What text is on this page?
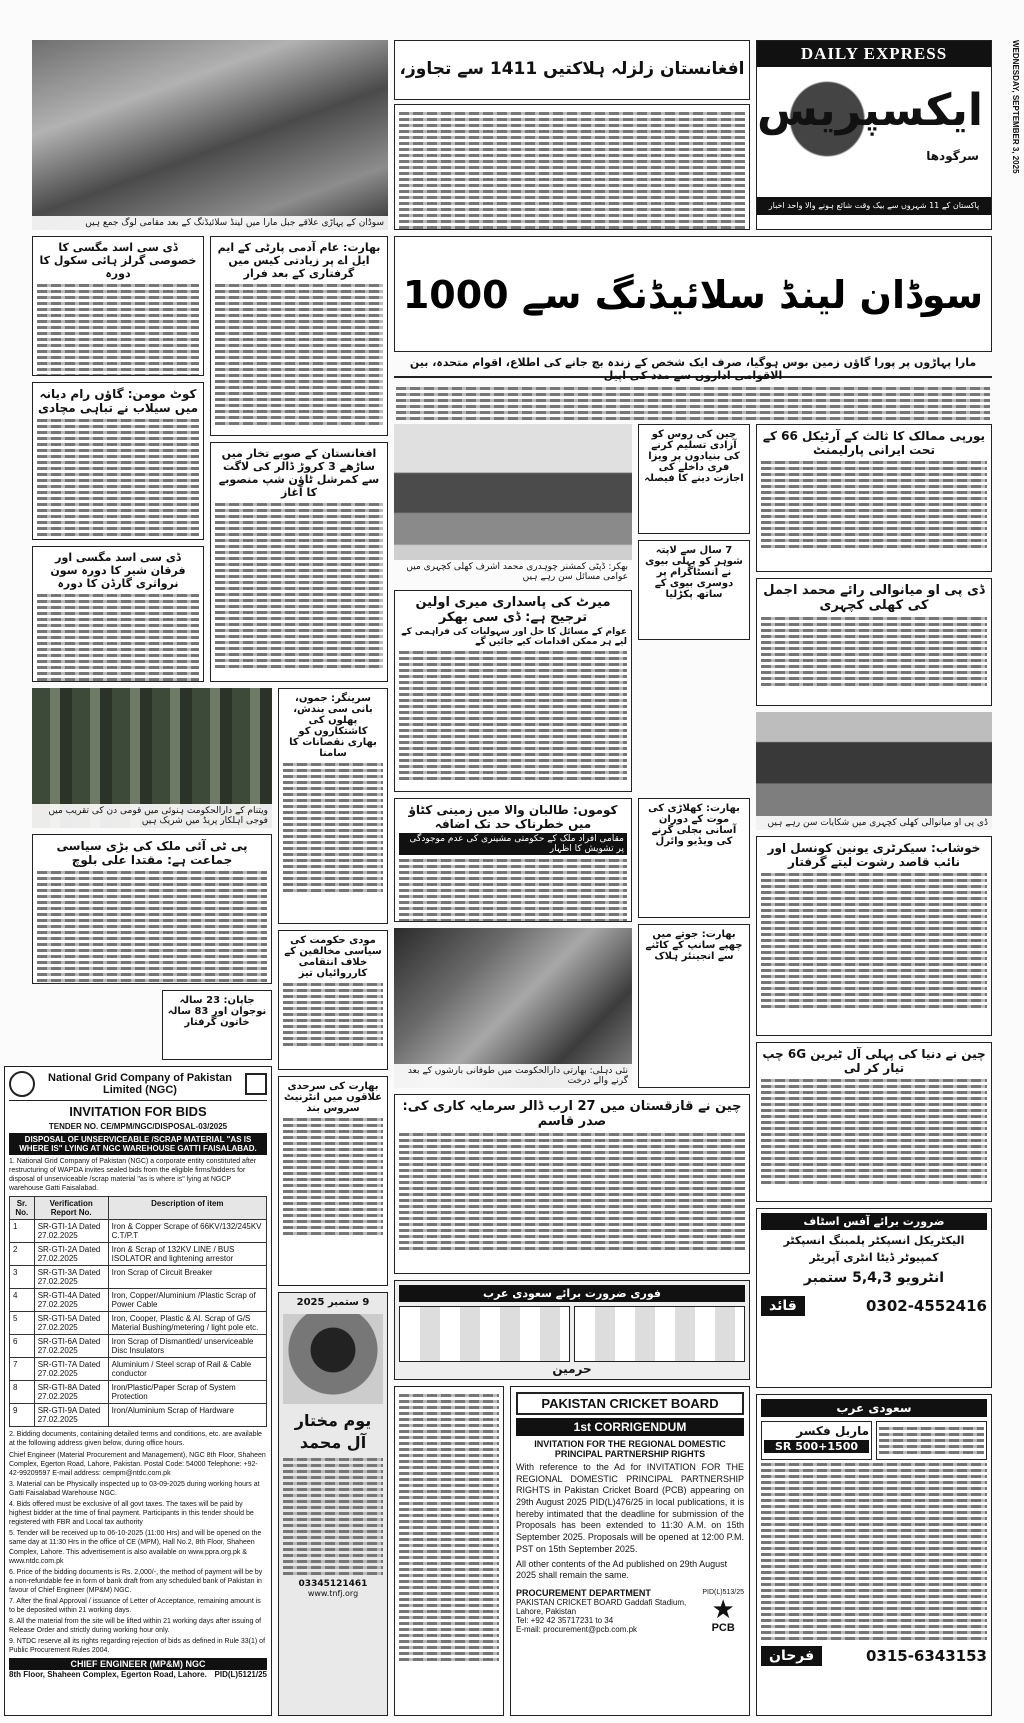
سوڈان کے پہاڑی علاقے جبل مارا میں لینڈ سلائیڈنگ کے بعد مقامی لوگ جمع ہیں
ڈی سی اسد مگسی کا خصوصی گرلز ہائی سکول کا دورہ
کوٹ مومن: گاؤں رام دیانہ میں سیلاب نے تباہی مچادی
ڈی سی اسد مگسی اور فرقان شیر کا دورہ سون نرواثری گارڈن کا دورہ
ویتنام کے دارالحکومت ہنوئی میں قومی دن کی تقریب میں فوجی اہلکار پریڈ میں شریک ہیں
پی ٹی آئی ملک کی بڑی سیاسی جماعت ہے: مقتدا علی بلوچ
جاپان: 23 سالہ نوجوان اور 83 سالہ خاتون گرفتار
بھارت: عام آدمی پارٹی کے ایم ایل اے پر زیادتی کیس میں گرفتاری کے بعد فرار
افغانستان کے صوبے تخار میں ساڑھے 3 کروڑ ڈالر کی لاگت سے کمرشل ٹاؤن شپ منصوبے کا آغاز
سرینگر: جموں، بانی سی بندش، پھلوں کی کاشتکاروں کو بھاری نقصانات کا سامنا
مودی حکومت کی سیاسی مخالفین کے خلاف انتقامی کارروائیاں تیز
بھارت کی سرحدی علاقوں میں انٹرنیٹ سروس بند
National Grid Company of Pakistan Limited (NGC)
INVITATION FOR BIDS
TENDER NO. CE/MPM/NGC/DISPOSAL-03/2025
DISPOSAL OF UNSERVICEABLE /SCRAP MATERIAL "AS IS WHERE IS" LYING AT NGC WAREHOUSE GATTI FAISALABAD.
1. National Grid Company of Pakistan (NGC) a corporate entity constituted after restructuring of WAPDA invites sealed bids from the eligible firms/bidders for disposal of unserviceable /scrap material "as is where is" lying at NGCP warehouse Gatti Faisalabad.
Sr. No.	Verification Report No.	Description of item
1	SR-GTI-1A Dated 27.02.2025	Iron & Copper Scrape of 66KV/132/245KV C.T/P.T
2	SR-GTI-2A Dated 27.02.2025	Iron & Scrap of 132KV LINE / BUS ISOLATOR and lightening arrestor
3	SR-GTI-3A Dated 27.02.2025	Iron Scrap of Circuit Breaker
4	SR-GTI-4A Dated 27.02.2025	Iron, Copper/Aluminium /Plastic Scrap of Power Cable
5	SR-GTI-5A Dated 27.02.2025	Iron, Cooper, Plastic & Al. Scrap of G/S Material Bushing/metering / light pole etc.
6	SR-GTI-6A Dated 27.02.2025	Iron Scrap of Dismantled/ unserviceable Disc Insulators
7	SR-GTI-7A Dated 27.02.2025	Aluminium / Steel scrap of Rail & Cable conductor
8	SR-GTI-8A Dated 27.02.2025	Iron/Plastic/Paper Scrap of System Protection
9	SR-GTI-9A Dated 27.02.2025	Iron/Aluminium Scrap of Hardware
2. Bidding documents, containing detailed terms and conditions, etc. are available at the following address given below, during office hours.
Chief Engineer (Material Procurement and Management), NGC 8th Floor, Shaheen Complex, Egerton Road, Lahore, Pakistan. Postal Code: 54000 Telephone: +92-42-99209597 E-mail address: cempm@ntdc.com.pk
3. Material can be Physically inspected up to 03-09-2025 during working hours at Gatti Faisalabad Warehouse NGC.
4. Bids offered must be exclusive of all govt taxes. The taxes will be paid by highest bidder at the time of final payment. Participants in this tender should be registered with FBR and Local tax authority
5. Tender will be received up to 06-10-2025 (11:00 Hrs) and will be opened on the same day at 11:30 Hrs in the office of CE (MPM), Hall No.2, 8th Floor, Shaheen Complex, Lahore. This advertisement is also available on www.ppra.org.pk & www.ntdc.com.pk
6. Price of the bidding documents is Rs. 2,000/-, the method of payment will be by a non-refundable fee in form of bank draft from any scheduled bank of Pakistan in favour of Chief Engineer (MP&M) NGC.
7. After the final Approval / issuance of Letter of Acceptance, remaining amount is to be deposited within 21 working days.
8. All the material from the site will be lifted within 21 working days after issuing of Release Order and strictly during working hour only.
9. NTDC reserve all its rights regarding rejection of bids as defined in Rule 33(1) of Public Procurement Rules 2004.
CHIEF ENGINEER (MP&M) NGC
8th Floor, Shaheen Complex, Egerton Road, Lahore. PID(L)5121/25
9 ستمبر 2025
یوم مختار آل محمد
03345121461
www.tnfj.org
افغانستان زلزلہ ہلاکتیں 1411 سے تجاوز،
DAILY EXPRESS
ایکسپریس
سرگودھا
پاکستان کے 11 شہروں سے بیک وقت شائع ہونے والا واحد اخبار
WEDNESDAY, SEPTEMBER 3, 2025
سوڈان لینڈ سلائیڈنگ سے 1000
مارا پہاڑوں پر پورا گاؤں زمین بوس ہوگیا، صرف ایک شخص کے زندہ بچ جانے کی اطلاع، اقوام متحدہ، بین الاقوامی اداروں سے مدد کی اپیل
بھکر: ڈپٹی کمشنر چوہدری محمد اشرف کھلی کچہری میں عوامی مسائل سن رہے ہیں
میرٹ کی پاسداری میری اولین ترجیح ہے: ڈی سی بھکر
عوام کے مسائل کا حل اور سہولیات کی فراہمی کے لیے ہر ممکن اقدامات کیے جائیں گے
کوموں: طالبان والا میں زمینی کٹاؤ میں خطرناک حد تک اضافہ
مقامی افراد ملک کے حکومتی مشینری کی عدم موجودگی پر تشویش کا اظہار
نئی دہلی: بھارتی دارالحکومت میں طوفانی بارشوں کے بعد گرنے والے درخت
چین نے قازقستان میں 27 ارب ڈالر سرمایہ کاری کی: صدر قاسم
چین کی روس کو آزادی تسلیم کرنے کی بنیادوں پر ویزا فری داخلے کی اجازت دینے کا فیصلہ
7 سال سے لاپتہ شوہر کو پہلی بیوی نے انسٹاگرام پر دوسری بیوی کے ساتھ پکڑلیا
بھارت: کھلاڑی کی موت کے دوران آسانی بجلی گرنے کی ویڈیو وائرل
بھارت: جوتے میں چھپے سانپ کے کاٹنے سے انجینئر ہلاک
یورپی ممالک کا ثالث کے آرٹیکل 66 کے تحت ایرانی پارلیمنٹ
ڈی پی او میانوالی رائے محمد اجمل کی کھلی کچہری
ڈی پی او میانوالی کھلی کچہری میں شکایات سن رہے ہیں
خوشاب: سیکرٹری یونین کونسل اور نائب قاصد رشوت لیتے گرفتار
چین نے دنیا کی پہلی آل ٹیرین 6G چپ تیار کر لی
فوری ضرورت برائے سعودی عرب
حرمین
ضرورت برائے آفس اسٹاف
الیکٹریکل انسپکٹر پلمبنگ انسپکٹر
کمپیوٹر ڈیٹا انٹری آپریٹر
انٹرویو 5,4,3 ستمبر
قائد	0302-4552416
سعودی عرب
ماربل فکسر
SR 500+1500
فرحان	0315-6343153
PAKISTAN CRICKET BOARD
1st CORRIGENDUM
INVITATION FOR THE REGIONAL DOMESTIC PRINCIPAL PARTNERSHIP RIGHTS
With reference to the Ad for INVITATION FOR THE REGIONAL DOMESTIC PRINCIPAL PARTNERSHIP RIGHTS in Pakistan Cricket Board (PCB) appearing on 29th August 2025 PID(L)476/25 in local publications, it is hereby intimated that the deadline for submission of the Proposals has been extended to 11:30 A.M. on 15th September 2025. Proposals will be opened at 12:00 P.M. PST on 15th September 2025.
All other contents of the Ad published on 29th August 2025 shall remain the same.
PROCUREMENT DEPARTMENT
PAKISTAN CRICKET BOARD Gaddafi Stadium, Lahore, Pakistan
Tel: +92 42 35717231 to 34
E-mail: procurement@pcb.com.pk
PID(L)513/25
★
PCB
